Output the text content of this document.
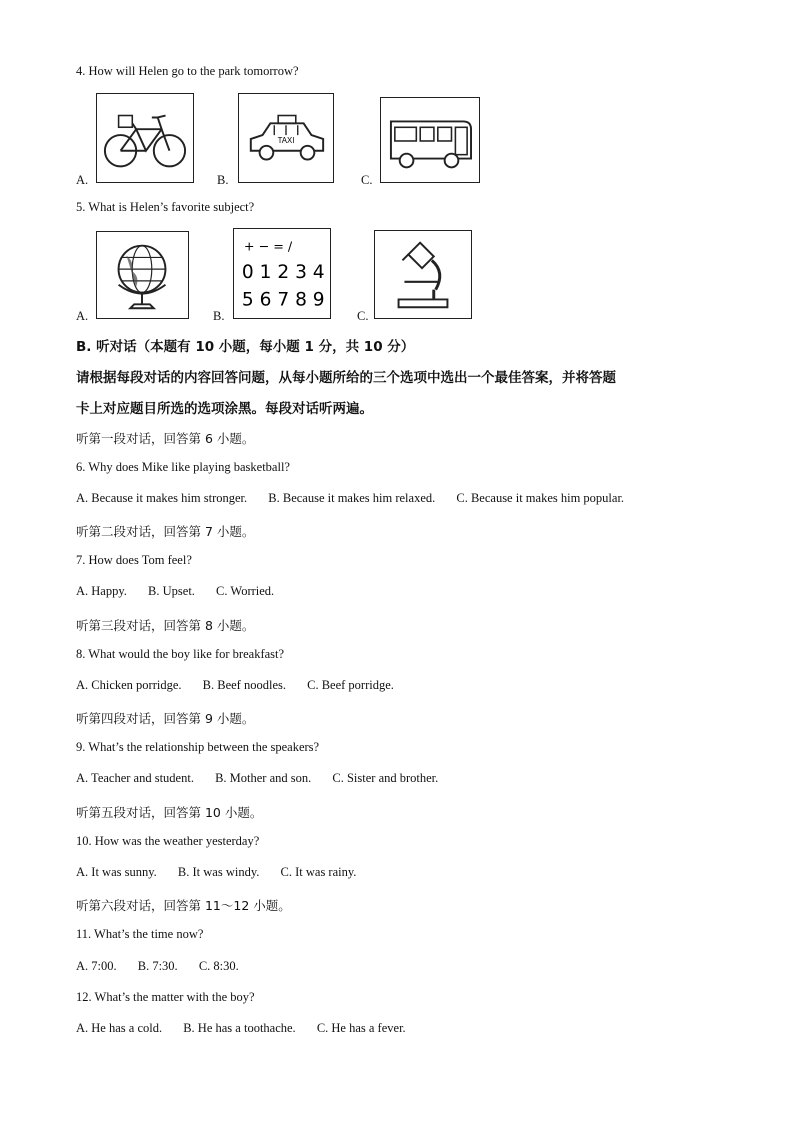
4. How will Helen go to the park tomorrow?
A.	B.
TAXI
C.
5. What is Helen’s favorite subject?
A.	B.
+ − = /
0 1 2 3 4
5 6 7 8 9
C.
B. 听对话（本题有 10 小题，每小题 1 分，共 10 分）
请根据每段对话的内容回答问题，从每小题所给的三个选项中选出一个最佳答案，并将答题
卡上对应题目所选的选项涂黑。每段对话听两遍。
听第一段对话，回答第 6 小题。
6. Why does Mike like playing basketball?
A. Because it makes him stronger. B. Because it makes him relaxed. C. Because it makes him popular.
听第二段对话，回答第 7 小题。
7. How does Tom feel?
A. Happy. B. Upset. C. Worried.
听第三段对话，回答第 8 小题。
8. What would the boy like for breakfast?
A. Chicken porridge. B. Beef noodles. C. Beef porridge.
听第四段对话，回答第 9 小题。
9. What’s the relationship between the speakers?
A. Teacher and student. B. Mother and son. C. Sister and brother.
听第五段对话，回答第 10 小题。
10. How was the weather yesterday?
A. It was sunny. B. It was windy. C. It was rainy.
听第六段对话，回答第 11～12 小题。
11. What’s the time now?
A. 7:00. B. 7:30. C. 8:30.
12. What’s the matter with the boy?
A. He has a cold. B. He has a toothache. C. He has a fever.
